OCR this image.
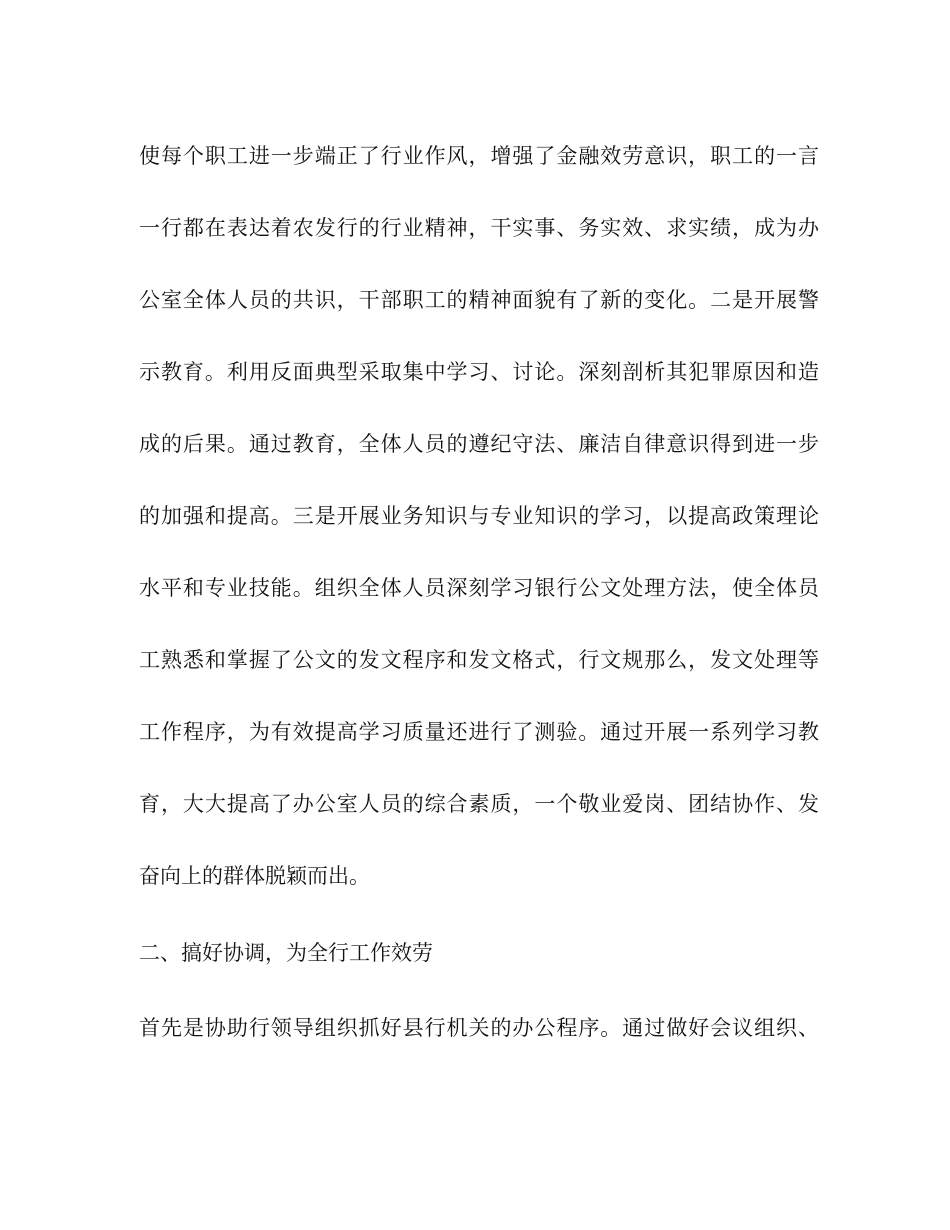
使每个职工进一步端正了行业作风，增强了金融效劳意识，职工的一言

一行都在表达着农发行的行业精神，干实事、务实效、求实绩，成为办

公室全体人员的共识，干部职工的精神面貌有了新的变化。二是开展警

示教育。利用反面典型采取集中学习、讨论。深刻剖析其犯罪原因和造

成的后果。通过教育，全体人员的遵纪守法、廉洁自律意识得到进一步

的加强和提高。三是开展业务知识与专业知识的学习，以提高政策理论

水平和专业技能。组织全体人员深刻学习银行公文处理方法，使全体员

工熟悉和掌握了公文的发文程序和发文格式，行文规那么，发文处理等

工作程序，为有效提高学习质量还进行了测验。通过开展一系列学习教

育，大大提高了办公室人员的综合素质，一个敬业爱岗、团结协作、发

奋向上的群体脱颖而出。

二、搞好协调，为全行工作效劳

首先是协助行领导组织抓好县行机关的办公程序。通过做好会议组织、
